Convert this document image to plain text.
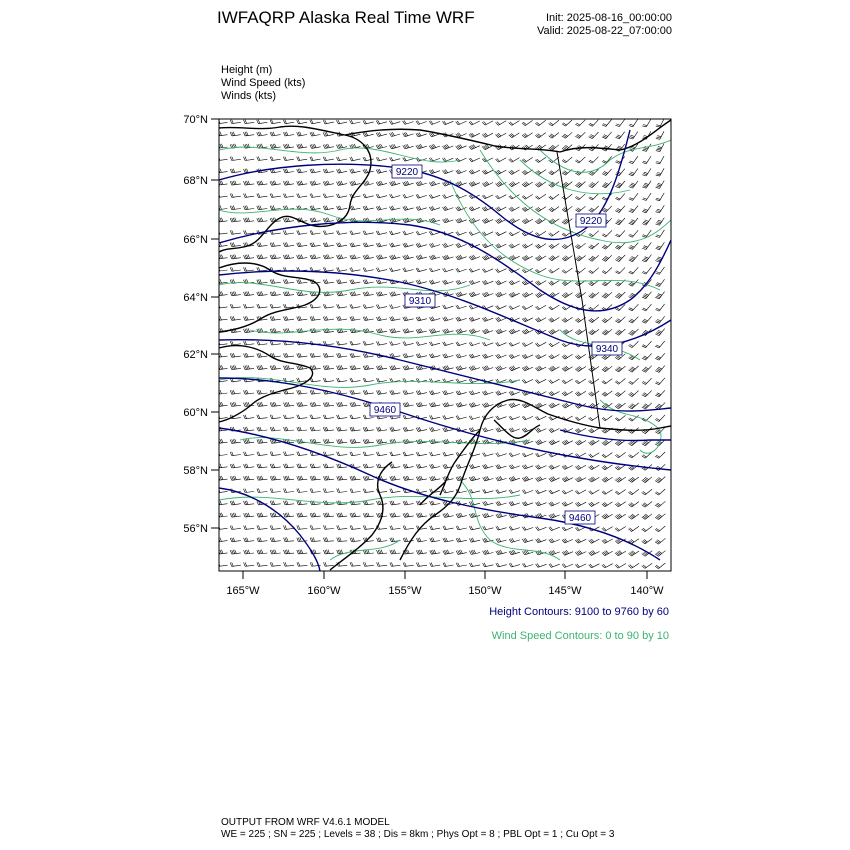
IWFAQRP Alaska Real Time WRF	Init: 2025-08-16_00:00:00
Valid: 2025-08-22_07:00:00
Height (m)
Wind Speed (kts)
Winds (kts)
9220
9220
9310
9340
9460
9460
70°N
68°N
66°N
64°N
62°N
60°N
58°N
56°N
165°W	160°W	155°W	150°W	145°W	140°W
Height Contours: 9100 to 9760 by 60
Wind Speed Contours: 0 to 90 by 10
OUTPUT FROM WRF V4.6.1 MODEL
WE = 225 ; SN = 225 ; Levels = 38 ; Dis = 8km ; Phys Opt = 8 ; PBL Opt = 1 ; Cu Opt = 3
